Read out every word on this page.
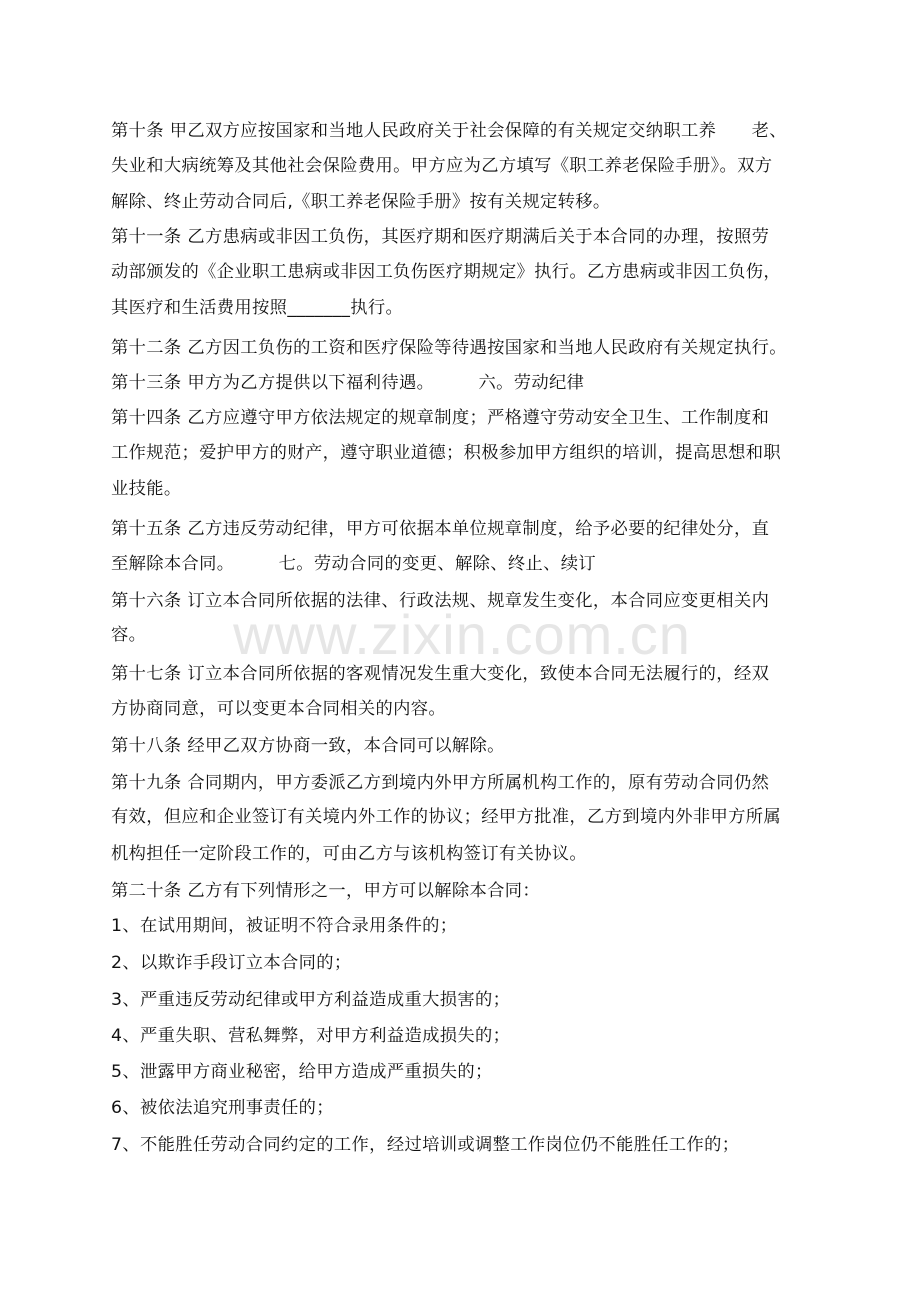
www.zixin.com.cn
第十条 甲乙双方应按国家和当地人民政府关于社会保障的有关规定交纳职工养　　老、
失业和大病统筹及其他社会保险费用。甲方应为乙方填写《职工养老保险手册》。双方
解除、终止劳动合同后,《职工养老保险手册》按有关规定转移。
第十一条 乙方患病或非因工负伤，其医疗期和医疗期满后关于本合同的办理，按照劳
动部颁发的《企业职工患病或非因工负伤医疗期规定》执行。乙方患病或非因工负伤，
其医疗和生活费用按照_______执行。
第十二条 乙方因工负伤的工资和医疗保险等待遇按国家和当地人民政府有关规定执行。
第十三条 甲方为乙方提供以下福利待遇。　　　六。劳动纪律
第十四条 乙方应遵守甲方依法规定的规章制度；严格遵守劳动安全卫生、工作制度和
工作规范；爱护甲方的财产，遵守职业道德；积极参加甲方组织的培训，提高思想和职
业技能。
第十五条 乙方违反劳动纪律，甲方可依据本单位规章制度，给予必要的纪律处分，直
至解除本合同。　　　七。劳动合同的变更、解除、终止、续订
第十六条 订立本合同所依据的法律、行政法规、规章发生变化，本合同应变更相关内
容。
第十七条 订立本合同所依据的客观情况发生重大变化，致使本合同无法履行的，经双
方协商同意，可以变更本合同相关的内容。
第十八条 经甲乙双方协商一致，本合同可以解除。
第十九条 合同期内，甲方委派乙方到境内外甲方所属机构工作的，原有劳动合同仍然
有效，但应和企业签订有关境内外工作的协议；经甲方批准，乙方到境内外非甲方所属
机构担任一定阶段工作的，可由乙方与该机构签订有关协议。
第二十条 乙方有下列情形之一，甲方可以解除本合同：
1、在试用期间，被证明不符合录用条件的；
2、以欺诈手段订立本合同的；
3、严重违反劳动纪律或甲方利益造成重大损害的；
4、严重失职、营私舞弊，对甲方利益造成损失的；
5、泄露甲方商业秘密，给甲方造成严重损失的；
6、被依法追究刑事责任的；
7、不能胜任劳动合同约定的工作，经过培训或调整工作岗位仍不能胜任工作的；
